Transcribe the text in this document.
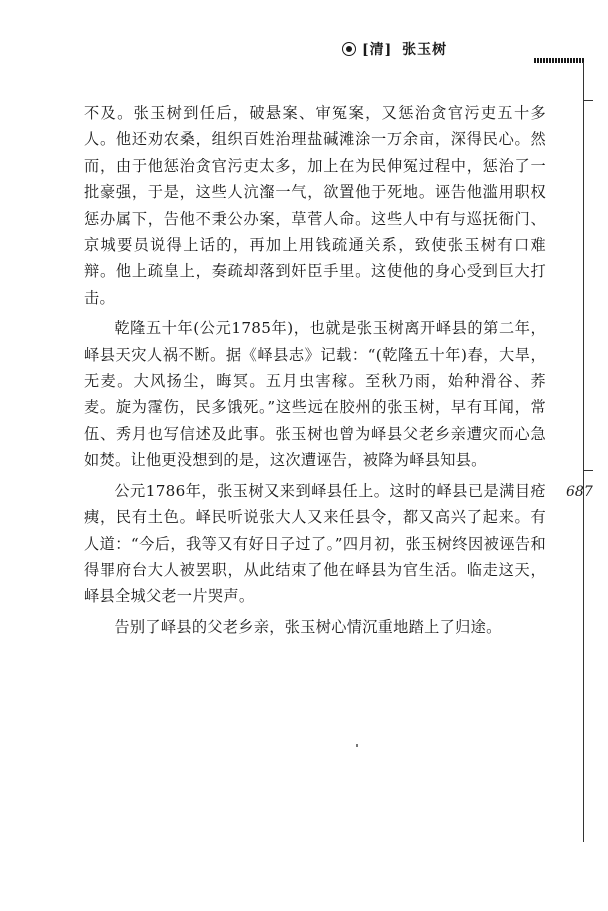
[清]
张玉树
687

不及。张玉树到任后，破悬案、审冤案，又惩治贪官污吏五十多人。他还劝农桑，组织百姓治理盐碱滩涂一万余亩，深得民心。然而，由于他惩治贪官污吏太多，加上在为民伸冤过程中，惩治了一批豪强，于是，这些人沆瀣一气，欲置他于死地。诬告他滥用职权惩办属下，告他不秉公办案，草菅人命。这些人中有与巡抚衙门、京城要员说得上话的，再加上用钱疏通关系，致使张玉树有口难辩。他上疏皇上，奏疏却落到奸臣手里。这使他的身心受到巨大打击。

乾隆五十年(公元1785年)，也就是张玉树离开峄县的第二年，峄县天灾人祸不断。据《峄县志》记载：“(乾隆五十年)春，大旱，无麦。大风扬尘，晦冥。五月虫害稼。至秋乃雨，始种滑谷、荞麦。旋为霪伤，民多饿死。”这些远在胶州的张玉树，早有耳闻，常伍、秀月也写信述及此事。张玉树也曾为峄县父老乡亲遭灾而心急如焚。让他更没想到的是，这次遭诬告，被降为峄县知县。

公元1786年，张玉树又来到峄县任上。这时的峄县已是满目疮痍，民有土色。峄民听说张大人又来任县令，都又高兴了起来。有人道：“今后，我等又有好日子过了。”四月初，张玉树终因被诬告和得罪府台大人被罢职，从此结束了他在峄县为官生活。临走这天，峄县全城父老一片哭声。

告别了峄县的父老乡亲，张玉树心情沉重地踏上了归途。
